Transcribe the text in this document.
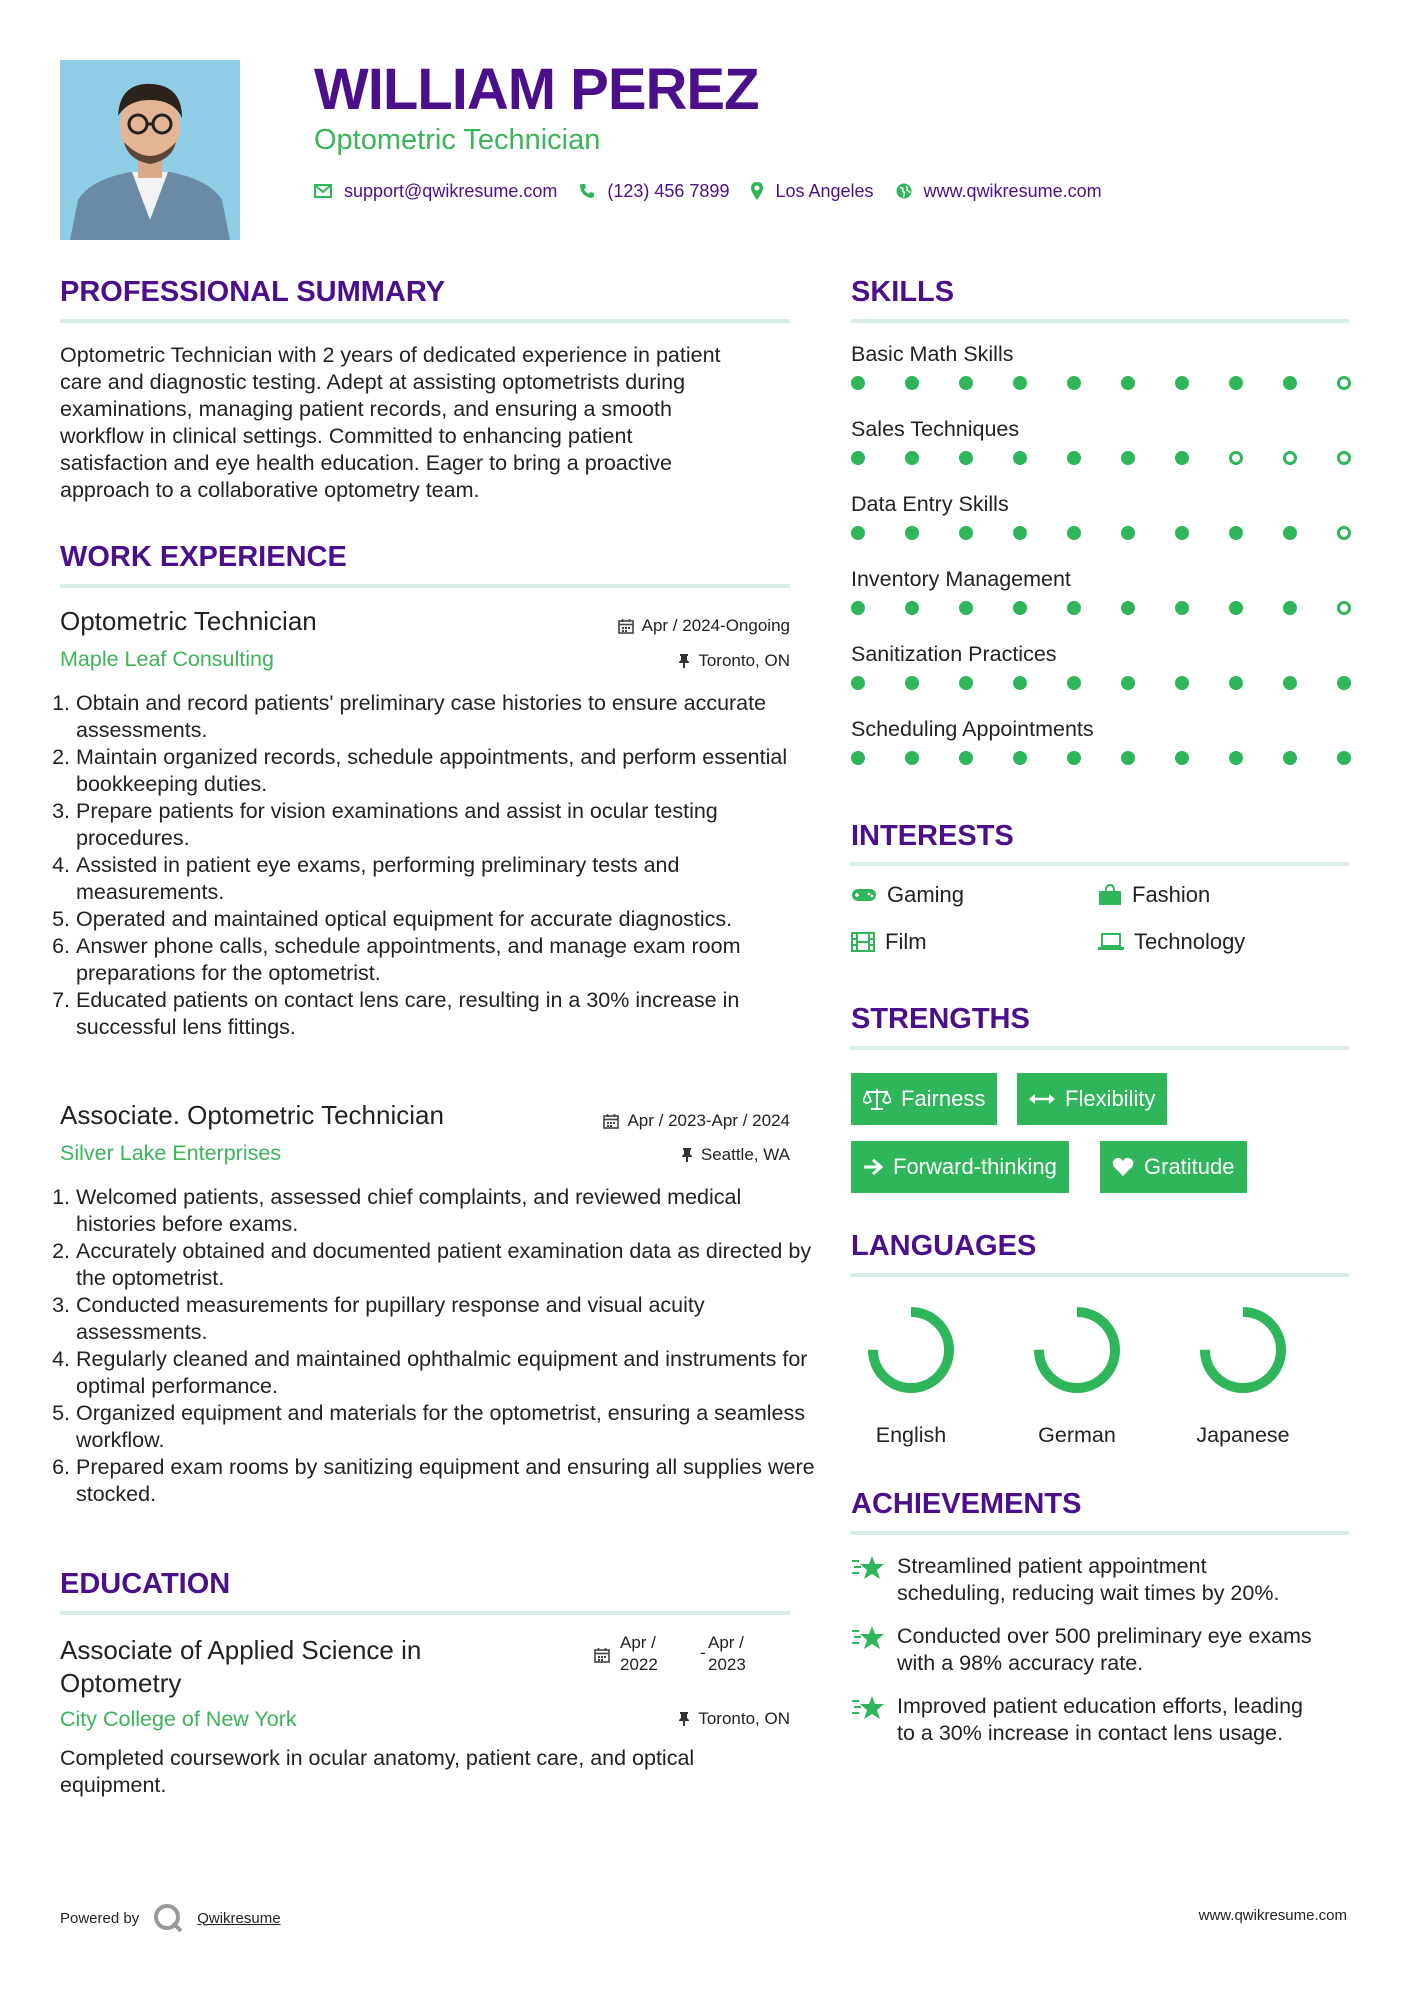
WILLIAM PEREZ
Optometric Technician
support@qwikresume.com	(123) 456 7899	Los Angeles	www.qwikresume.com
PROFESSIONAL SUMMARY
Optometric Technician with 2 years of dedicated experience in patient
care and diagnostic testing. Adept at assisting optometrists during
examinations, managing patient records, and ensuring a smooth
workflow in clinical settings. Committed to enhancing patient
satisfaction and eye health education. Eager to bring a proactive
approach to a collaborative optometry team.
WORK EXPERIENCE
Optometric Technician	Apr / 2024-Ongoing
Maple Leaf Consulting	Toronto, ON
1. Obtain and record patients' preliminary case histories to ensure accurate assessments.
2. Maintain organized records, schedule appointments, and perform essential bookkeeping duties.
3. Prepare patients for vision examinations and assist in ocular testing procedures.
4. Assisted in patient eye exams, performing preliminary tests and measurements.
5. Operated and maintained optical equipment for accurate diagnostics.
6. Answer phone calls, schedule appointments, and manage exam room preparations for the optometrist.
7. Educated patients on contact lens care, resulting in a 30% increase in successful lens fittings.
Associate. Optometric Technician	Apr / 2023-Apr / 2024
Silver Lake Enterprises	Seattle, WA
1. Welcomed patients, assessed chief complaints, and reviewed medical histories before exams.
2. Accurately obtained and documented patient examination data as directed by the optometrist.
3. Conducted measurements for pupillary response and visual acuity assessments.
4. Regularly cleaned and maintained ophthalmic equipment and instruments for optimal performance.
5. Organized equipment and materials for the optometrist, ensuring a seamless workflow.
6. Prepared exam rooms by sanitizing equipment and ensuring all supplies were stocked.
EDUCATION
Associate of Applied Science in
Optometry
Apr /
2022
-
Apr /
2023
City College of New York	Toronto, ON
Completed coursework in ocular anatomy, patient care, and optical
equipment.
SKILLS
Basic Math Skills
Sales Techniques
Data Entry Skills
Inventory Management
Sanitization Practices
Scheduling Appointments
INTERESTS
Gaming	Fashion
Film	Technology
STRENGTHS
Fairness	Flexibility
Forward-thinking	Gratitude
LANGUAGES
English	German	Japanese
ACHIEVEMENTS
Streamlined patient appointment
scheduling, reducing wait times by 20%.
Conducted over 500 preliminary eye exams
with a 98% accuracy rate.
Improved patient education efforts, leading
to a 30% increase in contact lens usage.
Powered by	Qwikresume	www.qwikresume.com
